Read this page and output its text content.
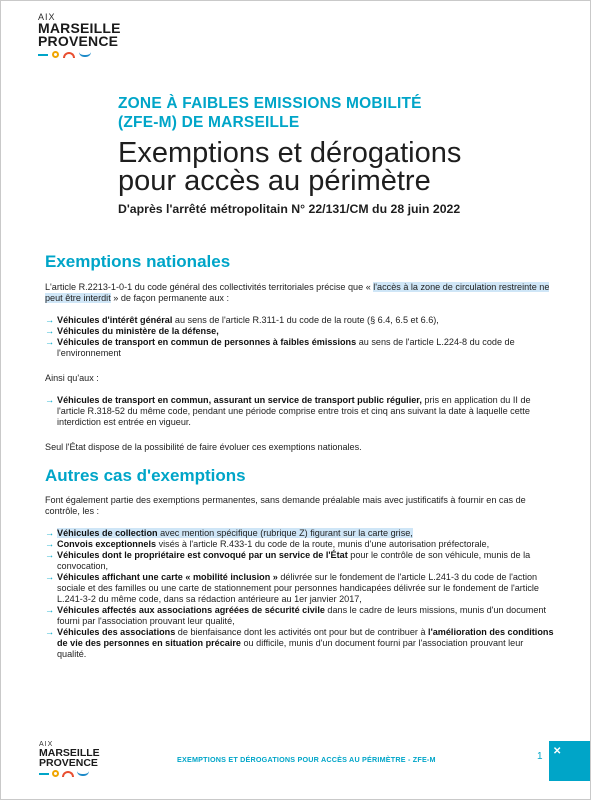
AIX
MARSEILLE
PROVENCE
ZONE À FAIBLES EMISSIONS MOBILITÉ
(ZFE-M) DE MARSEILLE
Exemptions et dérogations
pour accès au périmètre
D'après l'arrêté métropolitain N° 22/131/CM du 28 juin 2022
Exemptions nationales

L'article R.2213-1-0-1 du code général des collectivités territoriales précise que « l'accès à la zone de circulation restreinte ne peut être interdit » de façon permanente aux :

→ Véhicules d'intérêt général au sens de l'article R.311-1 du code de la route (§ 6.4, 6.5 et 6.6),
→ Véhicules du ministère de la défense,
→ Véhicules de transport en commun de personnes à faibles émissions au sens de l'article L.224-8 du code de l'environnement

Ainsi qu'aux :

→ Véhicules de transport en commun, assurant un service de transport public régulier, pris en application du II de l'article R.318-52 du même code, pendant une période comprise entre trois et cinq ans suivant la date à laquelle cette interdiction est entrée en vigueur.

Seul l'État dispose de la possibilité de faire évoluer ces exemptions nationales.

Autres cas d'exemptions

Font également partie des exemptions permanentes, sans demande préalable mais avec justificatifs à fournir en cas de contrôle, les :

→ Véhicules de collection avec mention spécifique (rubrique Z) figurant sur la carte grise,
→ Convois exceptionnels visés à l'article R.433-1 du code de la route, munis d'une autorisation préfectorale,
→ Véhicules dont le propriétaire est convoqué par un service de l'État pour le contrôle de son véhicule, munis de la convocation,
→ Véhicules affichant une carte « mobilité inclusion » délivrée sur le fondement de l'article L.241-3 du code de l'action sociale et des familles ou une carte de stationnement pour personnes handicapées délivrée sur le fondement de l'article L.241-3-2 du même code, dans sa rédaction antérieure au 1er janvier 2017,
→ Véhicules affectés aux associations agréées de sécurité civile dans le cadre de leurs missions, munis d'un document fourni par l'association prouvant leur qualité,
→ Véhicules des associations de bienfaisance dont les activités ont pour but de contribuer à l'amélioration des conditions de vie des personnes en situation précaire ou difficile, munis d'un document fourni par l'association prouvant leur qualité.
AIX
MARSEILLE
PROVENCE	EXEMPTIONS ET DÉROGATIONS POUR ACCÈS AU PÉRIMÈTRE - ZFE-M	1 ✕
